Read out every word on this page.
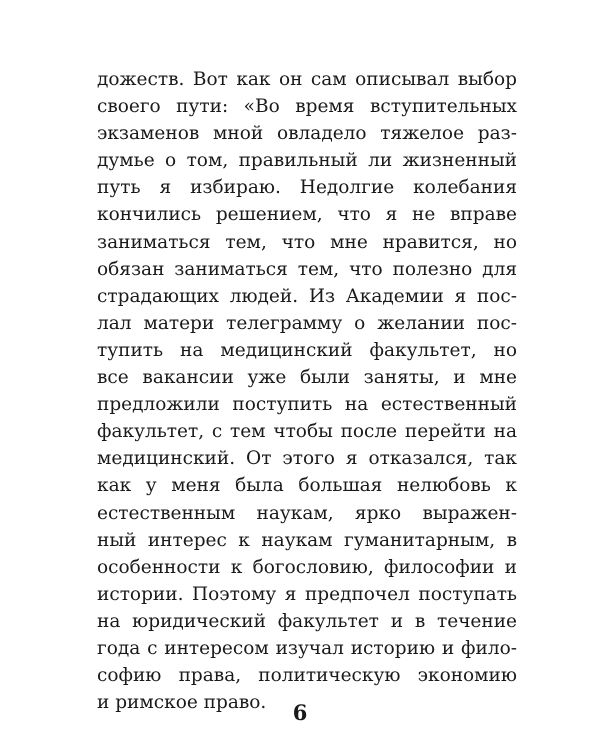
дожеств. Вот как он сам описывал выбор
своего пути: «Во время вступительных
экзаменов мной овладело тяжелое раз-
думье о том, правильный ли жизненный
путь я избираю. Недолгие колебания
кончились решением, что я не вправе
заниматься тем, что мне нравится, но
обязан заниматься тем, что полезно для
страдающих людей. Из Академии я пос-
лал матери телеграмму о желании пос-
тупить на медицинский факультет, но
все вакансии уже были заняты, и мне
предложили поступить на естественный
факультет, с тем чтобы после перейти на
медицинский. От этого я отказался, так
как у меня была большая нелюбовь к
естественным наукам, ярко выражен-
ный интерес к наукам гуманитарным, в
особенности к богословию, философии и
истории. Поэтому я предпочел поступать
на юридический факультет и в течение
года с интересом изучал историю и фило-
софию права, политическую экономию
и римское право.	6
